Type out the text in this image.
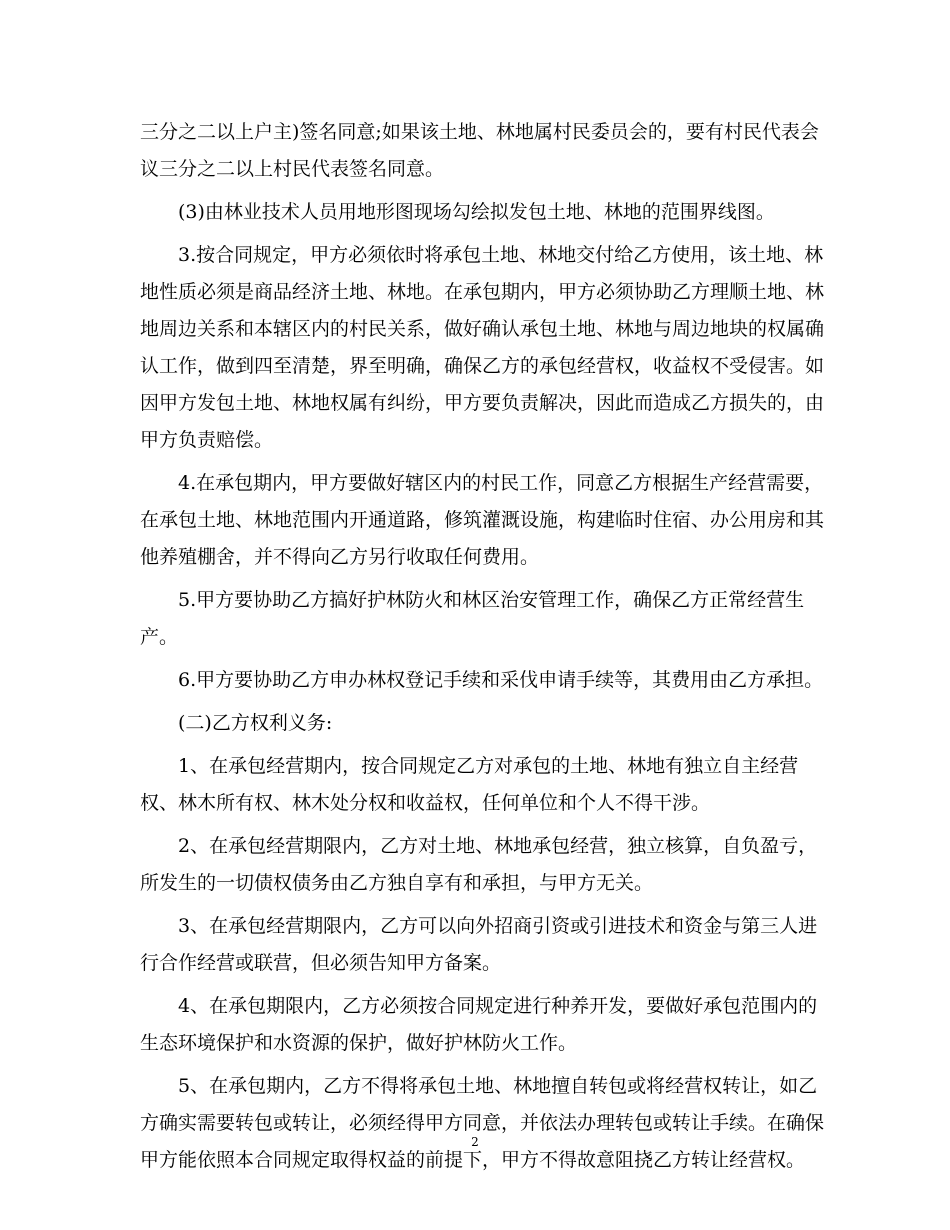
三分之二以上户主)签名同意;如果该土地、林地属村民委员会的，要有村民代表会
议三分之二以上村民代表签名同意。
(3)由林业技术人员用地形图现场勾绘拟发包土地、林地的范围界线图。
3.按合同规定，甲方必须依时将承包土地、林地交付给乙方使用，该土地、林
地性质必须是商品经济土地、林地。在承包期内，甲方必须协助乙方理顺土地、林
地周边关系和本辖区内的村民关系，做好确认承包土地、林地与周边地块的权属确
认工作，做到四至清楚，界至明确，确保乙方的承包经营权，收益权不受侵害。如
因甲方发包土地、林地权属有纠纷，甲方要负责解决，因此而造成乙方损失的，由
甲方负责赔偿。
4.在承包期内，甲方要做好辖区内的村民工作，同意乙方根据生产经营需要，
在承包土地、林地范围内开通道路，修筑灌溉设施，构建临时住宿、办公用房和其
他养殖棚舍，并不得向乙方另行收取任何费用。
5.甲方要协助乙方搞好护林防火和林区治安管理工作，确保乙方正常经营生
产。
6.甲方要协助乙方申办林权登记手续和采伐申请手续等，其费用由乙方承担。
(二)乙方权利义务:
1、在承包经营期内，按合同规定乙方对承包的土地、林地有独立自主经营
权、林木所有权、林木处分权和收益权，任何单位和个人不得干涉。
2、在承包经营期限内，乙方对土地、林地承包经营，独立核算，自负盈亏，
所发生的一切债权债务由乙方独自享有和承担，与甲方无关。
3、在承包经营期限内，乙方可以向外招商引资或引进技术和资金与第三人进
行合作经营或联营，但必须告知甲方备案。
4、在承包期限内，乙方必须按合同规定进行种养开发，要做好承包范围内的
生态环境保护和水资源的保护，做好护林防火工作。
5、在承包期内，乙方不得将承包土地、林地擅自转包或将经营权转让，如乙
方确实需要转包或转让，必须经得甲方同意，并依法办理转包或转让手续。在确保
甲方能依照本合同规定取得权益的前提下，甲方不得故意阻挠乙方转让经营权。
2
